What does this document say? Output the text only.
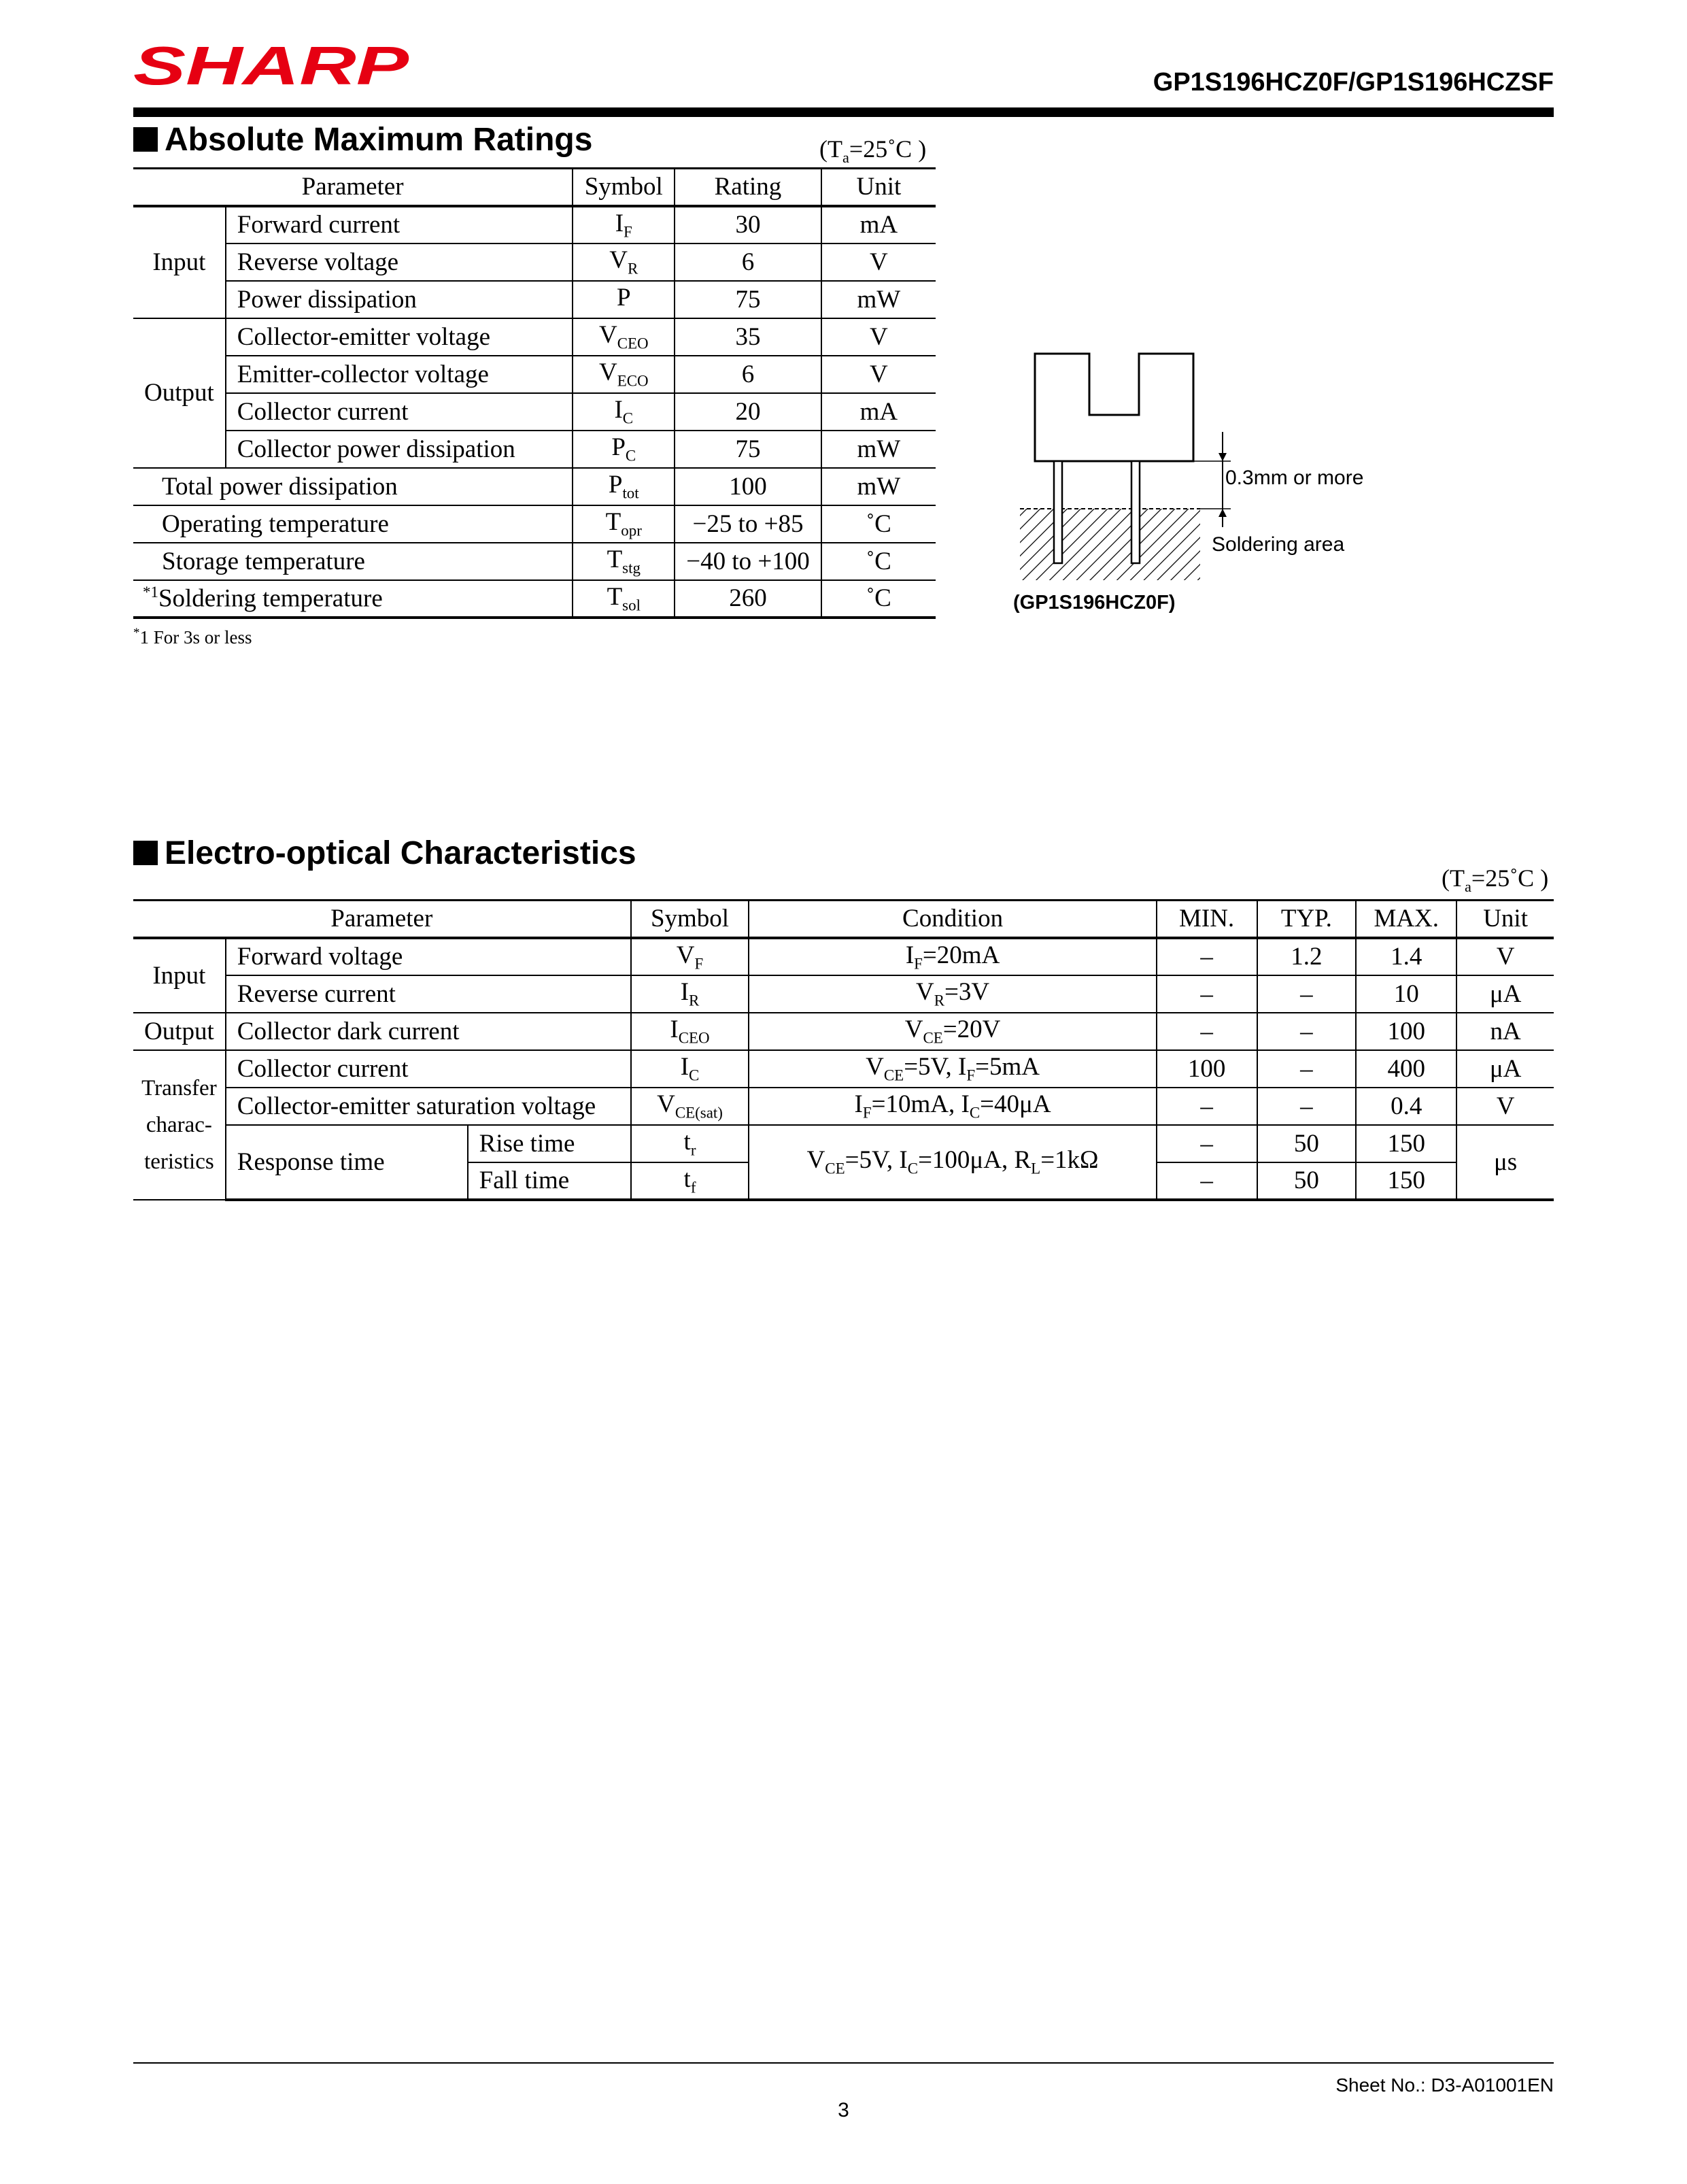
SHARP	GP1S196HCZ0F/GP1S196HCZSF
Absolute Maximum Ratings	($T_a=25˚C$ )
Parameter		Symbol	Rating	Unit
Input	Forward current	$I_F$	30	mA
	Reverse voltage	$V_R$	6	V
	Power dissipation	P	75	mW
Output	Collector-emitter voltage	$V_{CEO}$	35	V
	Emitter-collector voltage	$V_{ECO}$	6	V
	Collector current	$I_C$	20	mA
	Collector power dissipation	$P_C$	75	mW
Total power dissipation		$P_{tot}$	100	mW
Operating temperature		$T_{opr}$	−25 to +85	˚C
Storage temperature		$T_{stg}$	−40 to +100	˚C
$^{*1}$Soldering temperature		$T_{sol}$	260	˚C
*1 For 3s or less
0.3mm or more
Soldering area
(GP1S196HCZ0F)
Electro-optical Characteristics
($T_a=25˚C$ )
Parameter			Symbol	Condition	MIN.	TYP.	MAX.	Unit
Input	Forward voltage		$V_F$	$I_F=20mA$	–	1.2	1.4	V
	Reverse current		$I_R$	$V_R=3V$	–	–	10	μA
Output	Collector dark current		$I_{CEO}$	$V_{CE}=20V$	–	–	100	nA

Transfer
charac-
teristics	Collector current		$I_C$	$V_{CE}=5V$, $I_F=5mA$	100	–	400	μA
	Collector-emitter saturation voltage		$V_{CE(sat)}$	$I_F=10mA$, $I_C=40\mu A$	–	–	0.4	V
	Response time	Rise time	$t_r$	$V_{CE}=5V$, $I_C=100\mu A$, $R_L=1k\Omega$	–	50	150	μs
		Fall time	$t_f$		–	50	150	
Sheet No.: D3-A01001EN
3
